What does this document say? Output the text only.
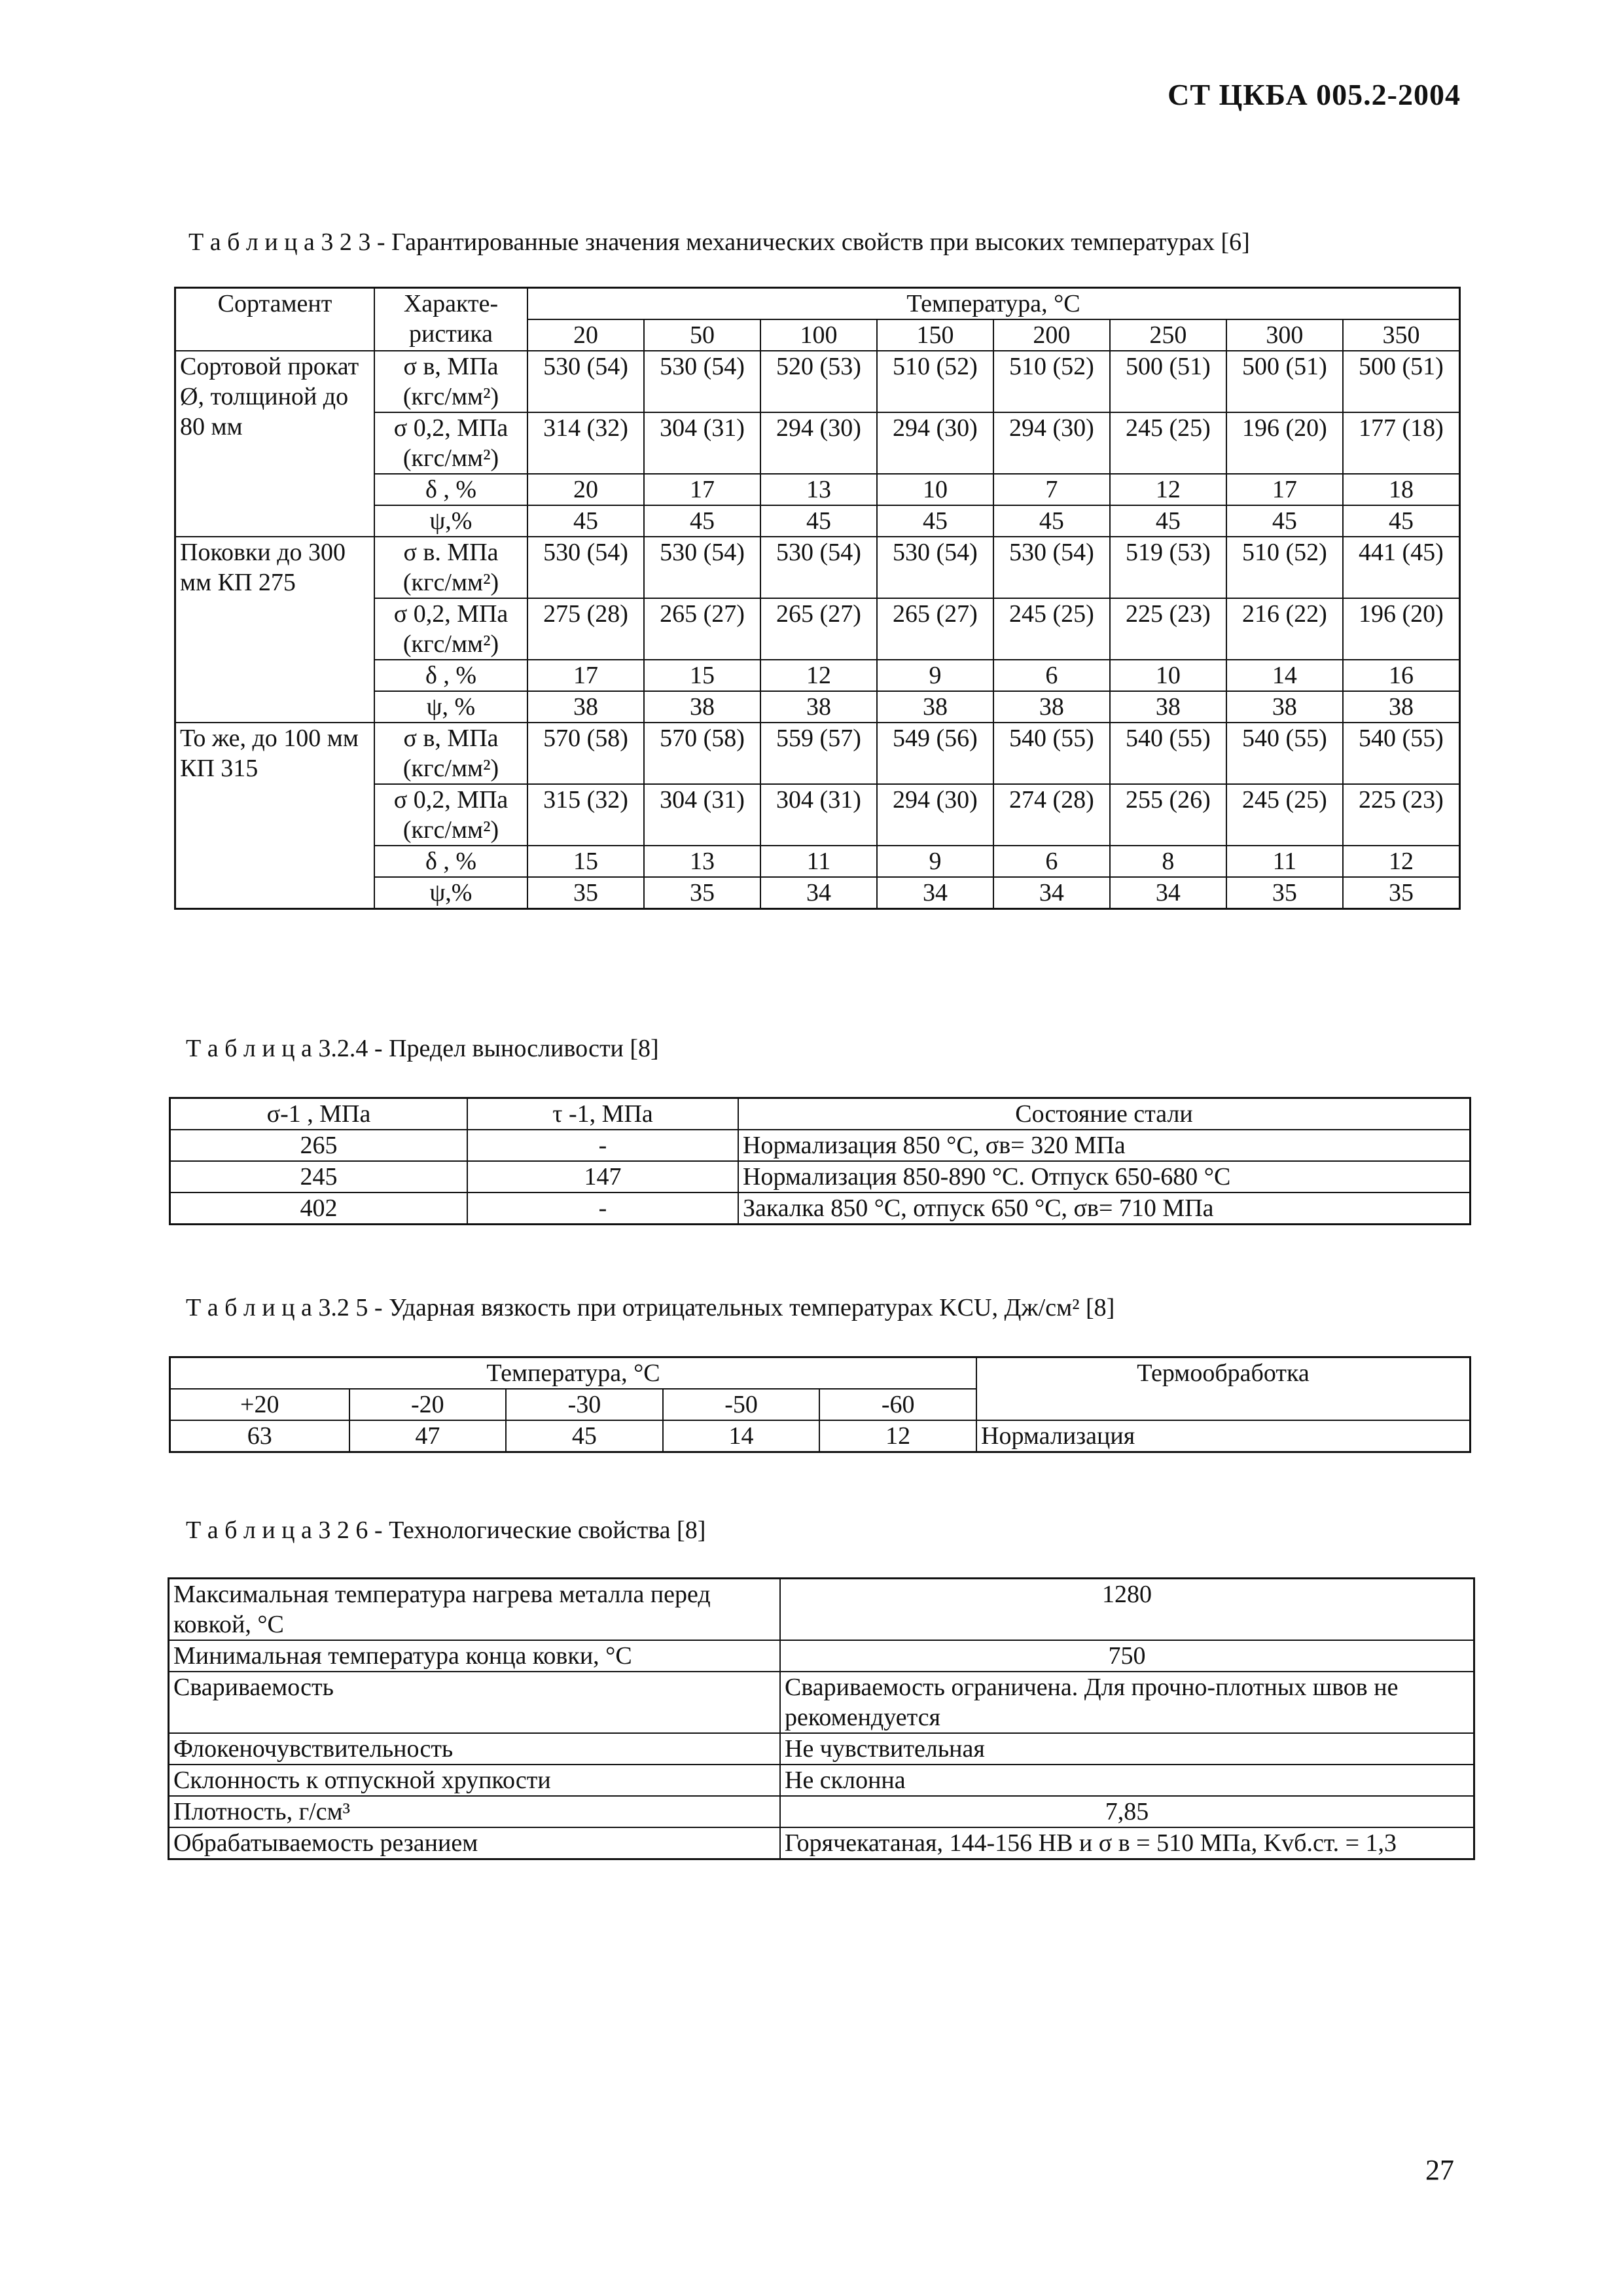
СТ ЦКБА 005.2-2004
Т а б л и ц а 3 2 3 - Гарантированные значения механических свойств при высоких температурах [6]
Сортамент	Характе-ристика	Температура, °С							
		20	50	100	150	200	250	300	350
Сортовой прокат Ø, толщиной до 80 мм	σ в, МПа (кгс/мм²)	530 (54)	530 (54)	520 (53)	510 (52)	510 (52)	500 (51)	500 (51)	500 (51)
	σ 0,2, МПа (кгс/мм²)	314 (32)	304 (31)	294 (30)	294 (30)	294 (30)	245 (25)	196 (20)	177 (18)
	δ , %	20	17	13	10	7	12	17	18
	ψ,%	45	45	45	45	45	45	45	45
Поковки до 300 мм КП 275	σ в. МПа (кгс/мм²)	530 (54)	530 (54)	530 (54)	530 (54)	530 (54)	519 (53)	510 (52)	441 (45)
	σ 0,2, МПа (кгс/мм²)	275 (28)	265 (27)	265 (27)	265 (27)	245 (25)	225 (23)	216 (22)	196 (20)
	δ , %	17	15	12	9	6	10	14	16
	ψ, %	38	38	38	38	38	38	38	38
То же, до 100 мм КП 315	σ в, МПа (кгс/мм²)	570 (58)	570 (58)	559 (57)	549 (56)	540 (55)	540 (55)	540 (55)	540 (55)
	σ 0,2, МПа (кгс/мм²)	315 (32)	304 (31)	304 (31)	294 (30)	274 (28)	255 (26)	245 (25)	225 (23)
	δ , %	15	13	11	9	6	8	11	12
	ψ,%	35	35	34	34	34	34	35	35
Т а б л и ц а 3.2.4 - Предел выносливости [8]
σ-1 , МПа	τ -1, МПа	Состояние стали
265	-	Нормализация 850 °С, σв= 320 МПа
245	147	Нормализация 850-890 °С. Отпуск 650-680 °С
402	-	Закалка 850 °С, отпуск 650 °С, σв= 710 МПа
Т а б л и ц а 3.2 5 - Ударная вязкость при отрицательных температурах KCU, Дж/см² [8]
Температура, °С					Термообработка
+20	-20	-30	-50	-60	
63	47	45	14	12	Нормализация
Т а б л и ц а 3 2 6 - Технологические свойства [8]
Максимальная температура нагрева металла перед ковкой, °С	1280
Минимальная температура конца ковки, °С	750
Свариваемость	Свариваемость ограничена. Для прочно-плотных швов не рекомендуется
Флокеночувствительность	Не чувствительная
Склонность к отпускной хрупкости	Не склонна
Плотность, г/см³	7,85
Обрабатываемость резанием	Горячекатаная, 144-156 НВ и σ в = 510 МПа, Kvб.ст. = 1,3
27
